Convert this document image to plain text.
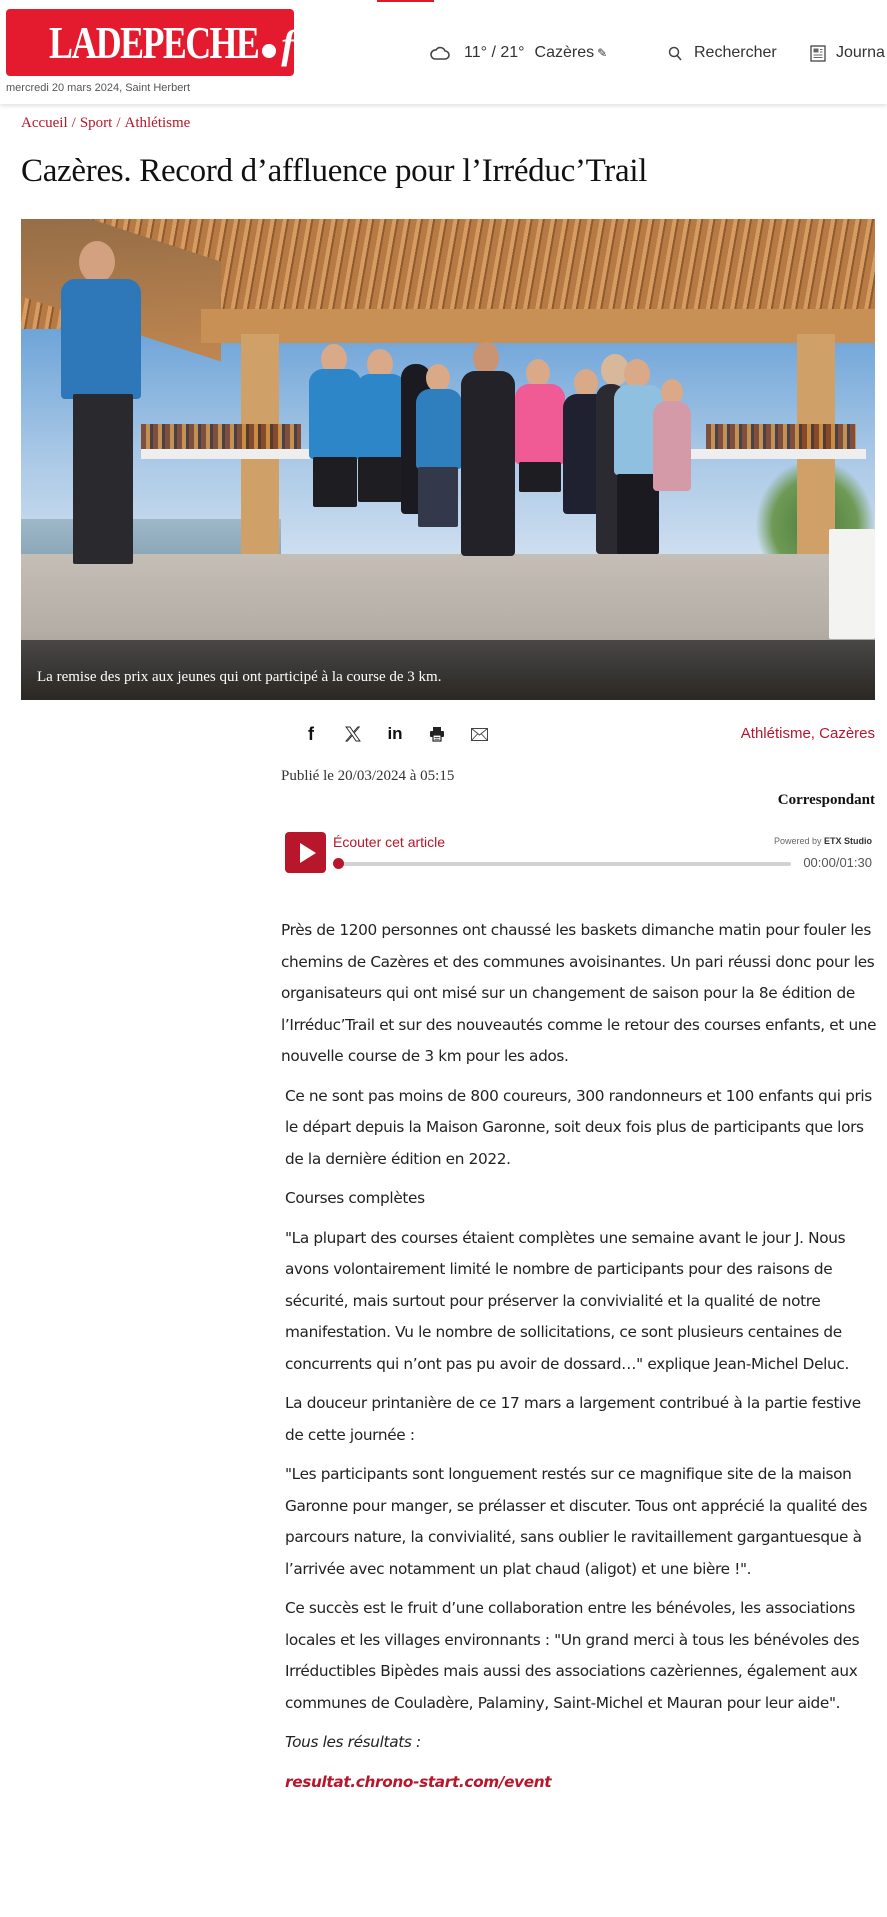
LADEPECHE fr
mercredi 20 mars 2024, Saint Herbert
11° / 21° Cazères ✎	Rechercher	Journa
Accueil / Sport / Athlétisme
Cazères. Record d’affluence pour l’Irréduc’Trail
La remise des prix aux jeunes qui ont participé à la course de 3 km.
f	in	Athlétisme, Cazères
Publié le 20/03/2024 à 05:15
Correspondant
Écouter cet article	Powered by ETX Studio
00:00/01:30

Près de 1200 personnes ont chaussé les baskets dimanche matin pour fouler les chemins de Cazères et des communes avoisinantes. Un pari réussi donc pour les organisateurs qui ont misé sur un changement de saison pour la 8e édition de l’Irréduc’Trail et sur des nouveautés comme le retour des courses enfants, et une nouvelle course de 3 km pour les ados.

Ce ne sont pas moins de 800 coureurs, 300 randonneurs et 100 enfants qui pris le départ depuis la Maison Garonne, soit deux fois plus de participants que lors de la dernière édition en 2022.

Courses complètes

"La plupart des courses étaient complètes une semaine avant le jour J. Nous avons volontairement limité le nombre de participants pour des raisons de sécurité, mais surtout pour préserver la convivialité et la qualité de notre manifestation. Vu le nombre de sollicitations, ce sont plusieurs centaines de concurrents qui n’ont pas pu avoir de dossard…" explique Jean-Michel Deluc.

La douceur printanière de ce 17 mars a largement contribué à la partie festive de cette journée :

"Les participants sont longuement restés sur ce magnifique site de la maison Garonne pour manger, se prélasser et discuter. Tous ont apprécié la qualité des parcours nature, la convivialité, sans oublier le ravitaillement gargantuesque à l’arrivée avec notamment un plat chaud (aligot) et une bière !".

Ce succès est le fruit d’une collaboration entre les bénévoles, les associations locales et les villages environnants : "Un grand merci à tous les bénévoles des Irréductibles Bipèdes mais aussi des associations cazèriennes, également aux communes de Couladère, Palaminy, Saint-Michel et Mauran pour leur aide".

Tous les résultats :

resultat.chrono-start.com/event
